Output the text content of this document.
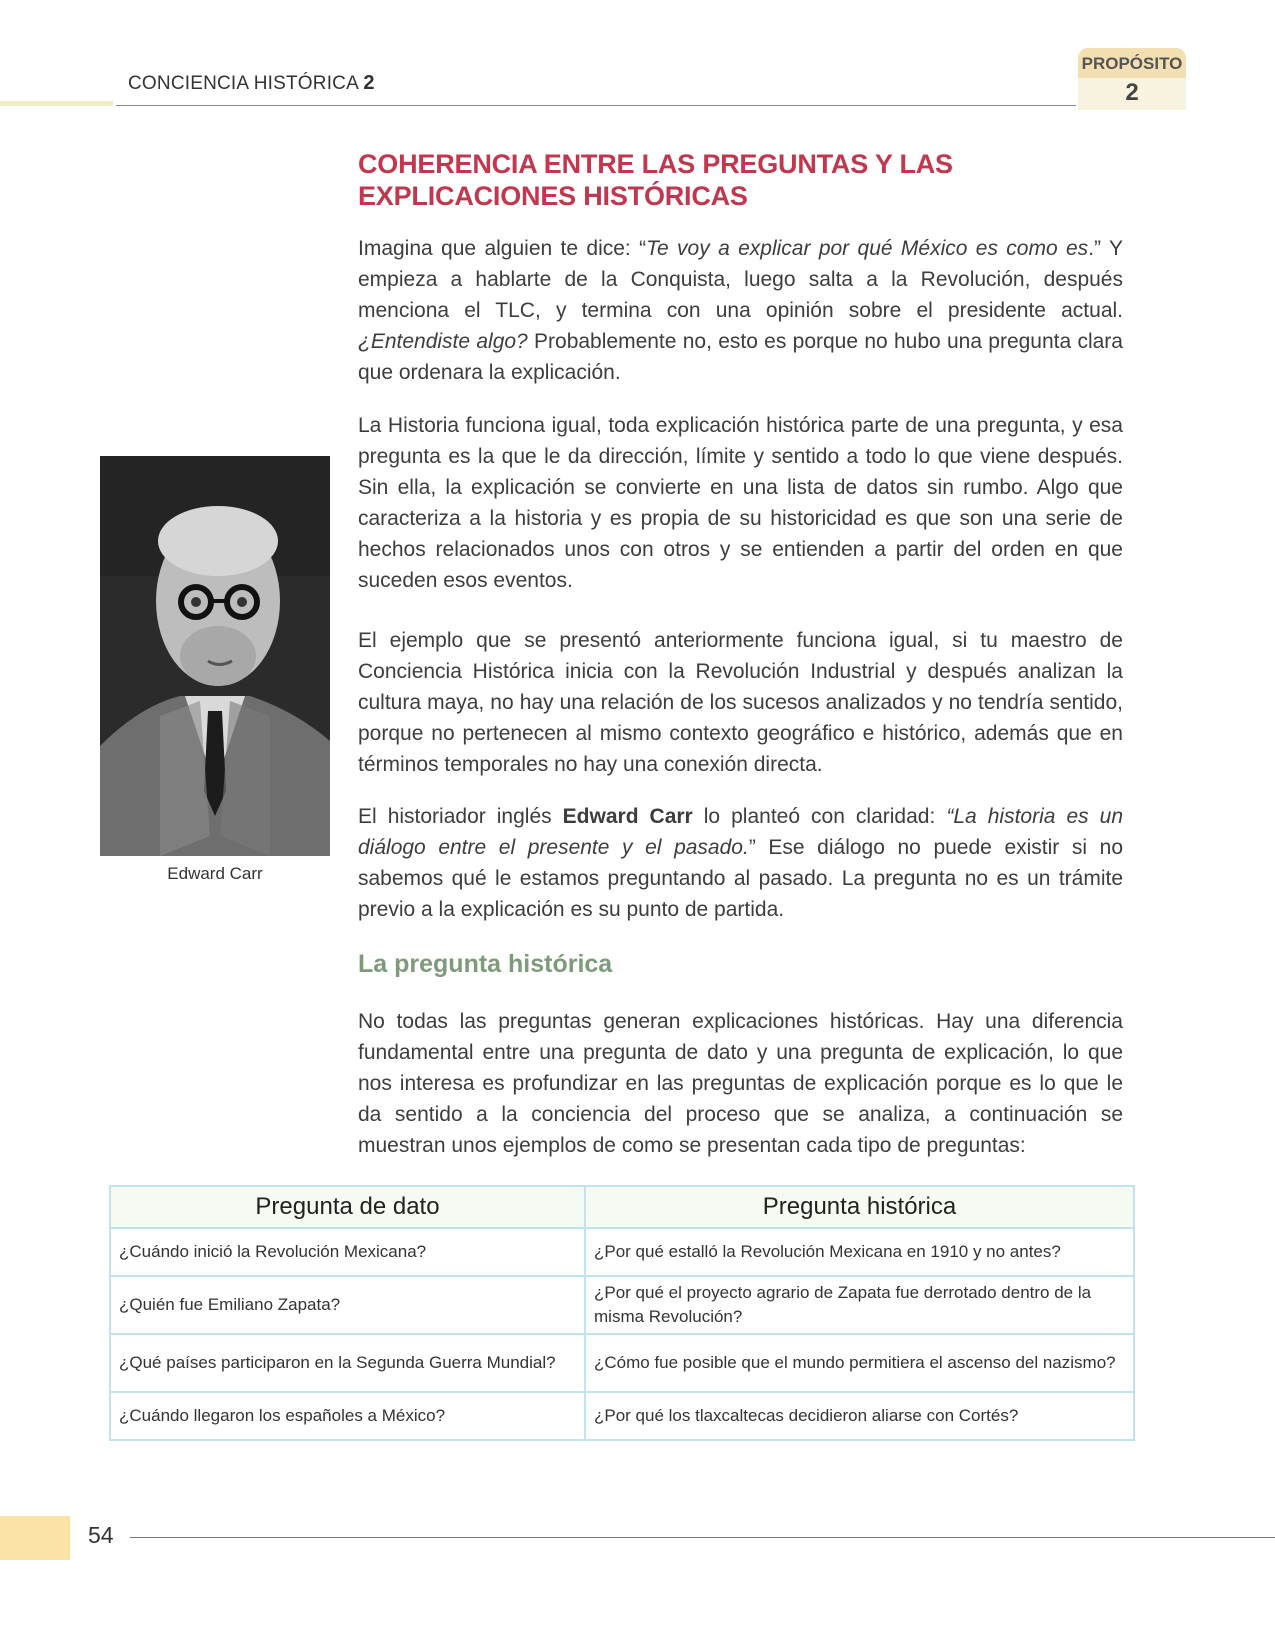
CONCIENCIA HISTÓRICA 2
PROPÓSITO
2
COHERENCIA ENTRE LAS PREGUNTAS Y LAS
EXPLICACIONES HISTÓRICAS

Imagina que alguien te dice: “Te voy a explicar por qué México es como es.” Y empieza a hablarte de la Conquista, luego salta a la Revolución, después menciona el TLC, y termina con una opinión sobre el presidente actual. ¿Entendiste algo? Probablemente no, esto es porque no hubo una pregunta clara que ordenara la explicación.

La Historia funciona igual, toda explicación histórica parte de una pregunta, y esa pregunta es la que le da dirección, límite y sentido a todo lo que viene después. Sin ella, la explicación se convierte en una lista de datos sin rumbo. Algo que caracteriza a la historia y es propia de su historicidad es que son una serie de hechos relacionados unos con otros y se entienden a partir del orden en que suceden esos eventos.

Edward Carr

El ejemplo que se presentó anteriormente funciona igual, si tu maestro de Conciencia Histórica inicia con la Revolución Industrial y después analizan la cultura maya, no hay una relación de los sucesos analizados y no tendría sentido, porque no pertenecen al mismo contexto geográfico e histórico, además que en términos temporales no hay una conexión directa.

El historiador inglés Edward Carr lo planteó con claridad: “La historia es un diálogo entre el presente y el pasado.” Ese diálogo no puede existir si no sabemos qué le estamos preguntando al pasado. La pregunta no es un trámite previo a la explicación es su punto de partida.

La pregunta histórica

No todas las preguntas generan explicaciones históricas. Hay una diferencia fundamental entre una pregunta de dato y una pregunta de explicación, lo que nos interesa es profundizar en las preguntas de explicación porque es lo que le da sentido a la conciencia del proceso que se analiza, a continuación se muestran unos ejemplos de como se presentan cada tipo de preguntas:

Pregunta de dato	Pregunta histórica
¿Cuándo inició la Revolución Mexicana?	¿Por qué estalló la Revolución Mexicana en 1910 y no antes?
¿Quién fue Emiliano Zapata?	¿Por qué el proyecto agrario de Zapata fue derrotado dentro de la misma Revolución?
¿Qué países participaron en la Segunda Guerra Mundial?	¿Cómo fue posible que el mundo permitiera el ascenso del nazismo?
¿Cuándo llegaron los españoles a México?	¿Por qué los tlaxcaltecas decidieron aliarse con Cortés?
54
